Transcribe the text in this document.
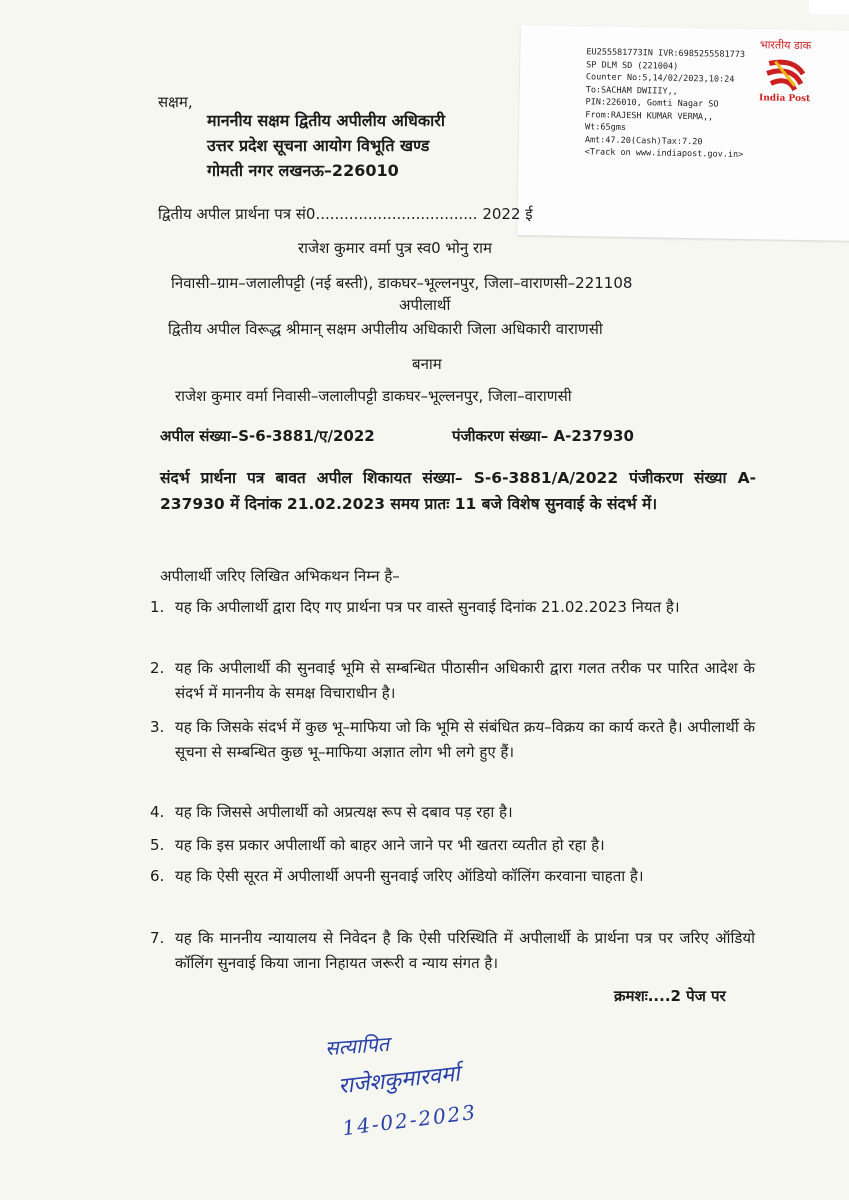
EU255581773IN IVR:6985255581773
SP DLM SD (221004)
Counter No:5,14/02/2023,10:24
To:SACHAM DWIIIY,,
PIN:226010, Gomti Nagar SO
From:RAJESH KUMAR VERMA,,
Wt:65gms
Amt:47.20(Cash)Tax:7.20
<Track on www.indiapost.gov.in>
भारतीय डाक
India Post
सक्षम,
माननीय सक्षम द्वितीय अपीलीय अधिकारी
उत्तर प्रदेश सूचना आयोग विभूति खण्ड
गोमती नगर लखनऊ–226010
द्वितीय अपील प्रार्थना पत्र सं0.................................. 2022 ई
राजेश कुमार वर्मा पुत्र स्व0 भोनु राम
निवासी–ग्राम–जलालीपट्टी (नई बस्ती), डाकघर–भूल्लनपुर, जिला–वाराणसी–221108
अपीलार्थी
द्वितीय अपील विरूद्ध श्रीमान् सक्षम अपीलीय अधिकारी जिला अधिकारी वाराणसी
बनाम
राजेश कुमार वर्मा निवासी–जलालीपट्टी डाकघर–भूल्लनपुर, जिला–वाराणसी
अपील संख्या–S-6-3881/ए/2022	पंजीकरण संख्या– A-237930
संदर्भ प्रार्थना पत्र बावत अपील शिकायत संख्या– S-6-3881/A/2022 पंजीकरण संख्या A-237930 में दिनांक 21.02.2023 समय प्रातः 11 बजे विशेष सुनवाई के संदर्भ में।
अपीलार्थी जरिए लिखित अभिकथन निम्न है–
1. यह कि अपीलार्थी द्वारा दिए गए प्रार्थना पत्र पर वास्ते सुनवाई दिनांक 21.02.2023 नियत है।
2. यह कि अपीलार्थी की सुनवाई भूमि से सम्बन्धित पीठासीन अधिकारी द्वारा गलत तरीक पर पारित आदेश के संदर्भ में माननीय के समक्ष विचाराधीन है।
3. यह कि जिसके संदर्भ में कुछ भू–माफिया जो कि भूमि से संबंधित क्रय–विक्रय का कार्य करते है। अपीलार्थी के सूचना से सम्बन्धित कुछ भू–माफिया अज्ञात लोग भी लगे हुए हैं।
4. यह कि जिससे अपीलार्थी को अप्रत्यक्ष रूप से दबाव पड़ रहा है।
5. यह कि इस प्रकार अपीलार्थी को बाहर आने जाने पर भी खतरा व्यतीत हो रहा है।
6. यह कि ऐसी सूरत में अपीलार्थी अपनी सुनवाई जरिए ऑडियो कॉलिंग करवाना चाहता है।
7. यह कि माननीय न्यायालय से निवेदन है कि ऐसी परिस्थिति में अपीलार्थी के प्रार्थना पत्र पर जरिए ऑडियो कॉलिंग सुनवाई किया जाना निहायत जरूरी व न्याय संगत है।
क्रमशः....2 पेज पर
सत्यापित
राजेशकुमारवर्मा
14-02-2023
